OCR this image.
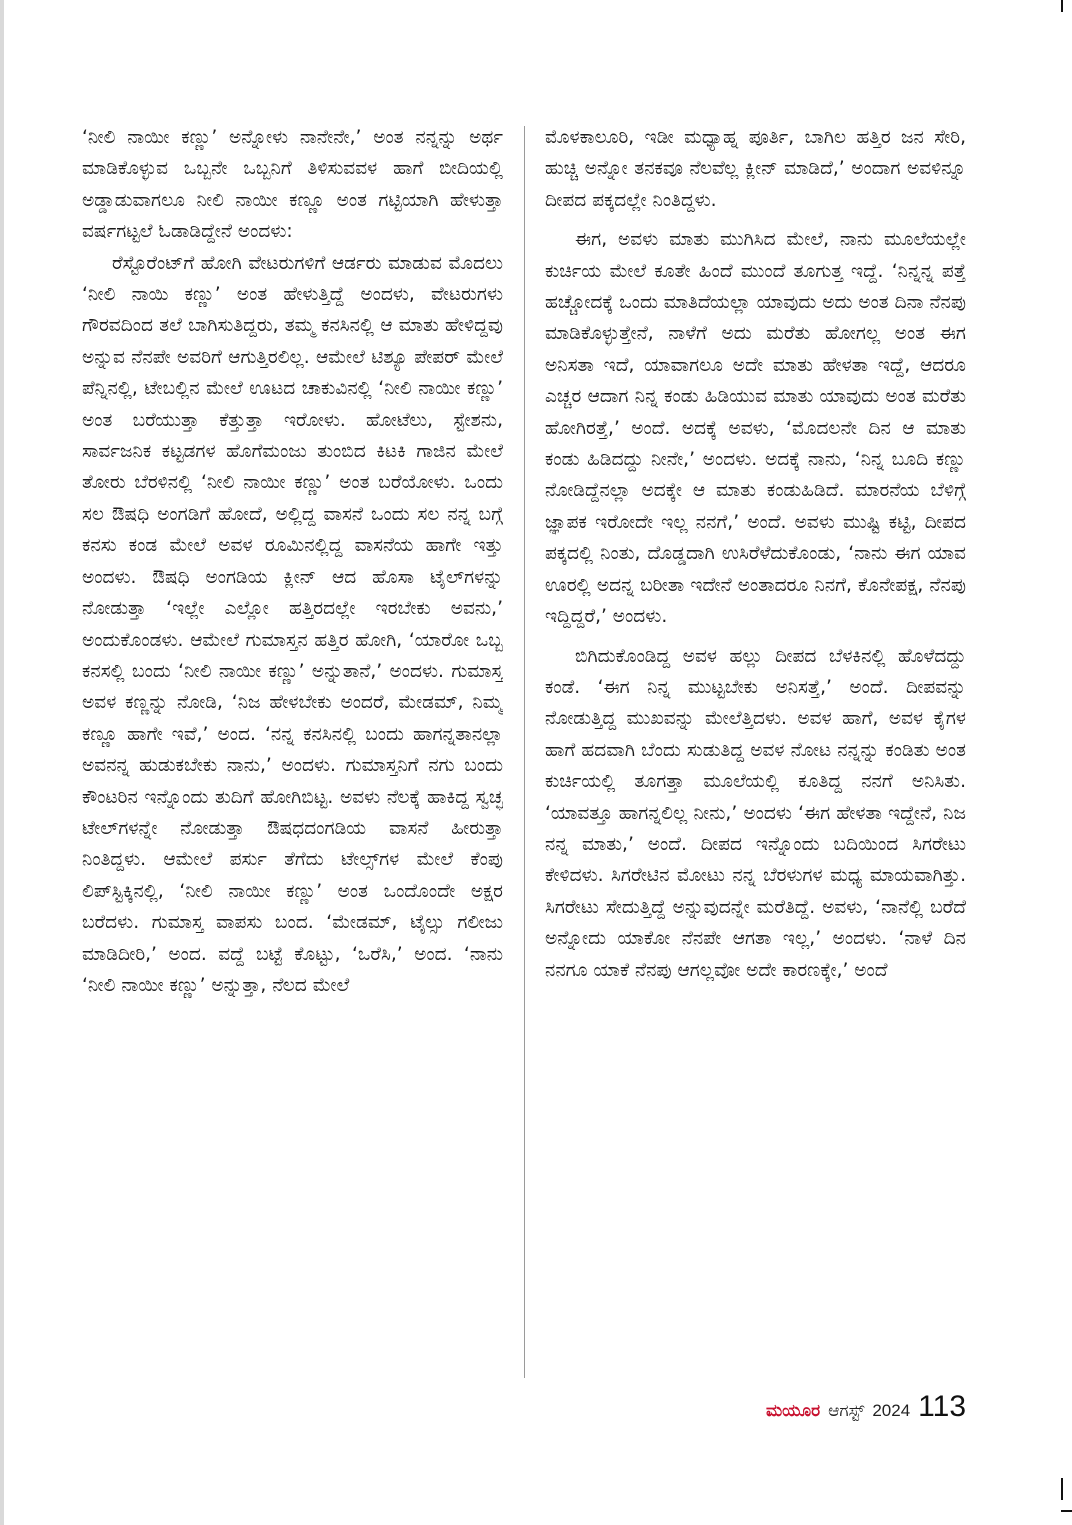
‘ನೀಲಿ ನಾಯೀ ಕಣ್ಣು’ ಅನ್ನೋಳು ನಾನೇನೇ,’ ಅಂತ ನನ್ನನ್ನು ಅರ್ಥ ಮಾಡಿಕೊಳ್ಳುವ ಒಬ್ಬನೇ ಒಬ್ಬನಿಗೆ ತಿಳಿಸುವವಳ ಹಾಗೆ ಬೀದಿಯಲ್ಲಿ ಅಡ್ಡಾಡುವಾಗಲೂ ನೀಲಿ ನಾಯೀ ಕಣ್ಣೂ ಅಂತ ಗಟ್ಟಿಯಾಗಿ ಹೇಳುತ್ತಾ ವರ್ಷಗಟ್ಟಲೆ ಓಡಾಡಿದ್ದೇನೆ ಅಂದಳು:

ರೆಸ್ಟೊರೆಂಟ್‌ಗೆ ಹೋಗಿ ವೇಟರುಗಳಿಗೆ ಆರ್ಡರು ಮಾಡುವ ಮೊದಲು ‘ನೀಲಿ ನಾಯಿ ಕಣ್ಣು’ ಅಂತ ಹೇಳುತ್ತಿದ್ದೆ ಅಂದಳು, ವೇಟರುಗಳು ಗೌರವದಿಂದ ತಲೆ ಬಾಗಿಸುತಿದ್ದರು, ತಮ್ಮ ಕನಸಿನಲ್ಲಿ ಆ ಮಾತು ಹೇಳಿದ್ದವು ಅನ್ನುವ ನೆನಪೇ ಅವರಿಗೆ ಆಗುತ್ತಿರಲಿಲ್ಲ. ಆಮೇಲೆ ಟಿಶ್ಯೂ ಪೇಪರ್ ಮೇಲೆ ಪೆನ್ನಿನಲ್ಲಿ, ಟೇಬಲ್ಲಿನ ಮೇಲೆ ಊಟದ ಚಾಕುವಿನಲ್ಲಿ ‘ನೀಲಿ ನಾಯೀ ಕಣ್ಣು’ ಅಂತ ಬರೆಯುತ್ತಾ ಕೆತ್ತುತ್ತಾ ಇರೋಳು. ಹೋಟೆಲು, ಸ್ಟೇಶನು, ಸಾರ್ವಜನಿಕ ಕಟ್ಟಡಗಳ ಹೊಗೆಮಂಜು ತುಂಬಿದ ಕಿಟಕಿ ಗಾಜಿನ ಮೇಲೆ ತೋರು ಬೆರಳಿನಲ್ಲಿ ‘ನೀಲಿ ನಾಯೀ ಕಣ್ಣು’ ಅಂತ ಬರೆಯೋಳು. ಒಂದು ಸಲ ಔಷಧಿ ಅಂಗಡಿಗೆ ಹೋದೆ, ಅಲ್ಲಿದ್ದ ವಾಸನೆ ಒಂದು ಸಲ ನನ್ನ ಬಗ್ಗೆ ಕನಸು ಕಂಡ ಮೇಲೆ ಅವಳ ರೂಮಿನಲ್ಲಿದ್ದ ವಾಸನೆಯ ಹಾಗೇ ಇತ್ತು ಅಂದಳು. ಔಷಧಿ ಅಂಗಡಿಯ ಕ್ಲೀನ್ ಆದ ಹೊಸಾ ಟೈಲ್‌ಗಳನ್ನು ನೋಡುತ್ತಾ ‘ಇಲ್ಲೇ ಎಲ್ಲೋ ಹತ್ತಿರದಲ್ಲೇ ಇರಬೇಕು ಅವನು,’ ಅಂದುಕೊಂಡಳು. ಆಮೇಲೆ ಗುಮಾಸ್ತನ ಹತ್ತಿರ ಹೋಗಿ, ‘ಯಾರೋ ಒಬ್ಬ ಕನಸಲ್ಲಿ ಬಂದು ‘ನೀಲಿ ನಾಯೀ ಕಣ್ಣು’ ಅನ್ನುತಾನೆ,’ ಅಂದಳು. ಗುಮಾಸ್ತ ಅವಳ ಕಣ್ಣನ್ನು ನೋಡಿ, ‘ನಿಜ ಹೇಳಬೇಕು ಅಂದರೆ, ಮೇಡಮ್, ನಿಮ್ಮ ಕಣ್ಣೂ ಹಾಗೇ ಇವೆ,’ ಅಂದ. ‘ನನ್ನ ಕನಸಿನಲ್ಲಿ ಬಂದು ಹಾಗನ್ನತಾನಲ್ಲಾ ಅವನನ್ನ ಹುಡುಕಬೇಕು ನಾನು,’ ಅಂದಳು. ಗುಮಾಸ್ತನಿಗೆ ನಗು ಬಂದು ಕೌಂಟರಿನ ಇನ್ನೊಂದು ತುದಿಗೆ ಹೋಗಿಬಿಟ್ಟ. ಅವಳು ನೆಲಕ್ಕೆ ಹಾಕಿದ್ದ ಸ್ವಚ್ಛ ಟೇಲ್‌ಗಳನ್ನೇ ನೋಡುತ್ತಾ ಔಷಧದಂಗಡಿಯ ವಾಸನೆ ಹೀರುತ್ತಾ ನಿಂತಿದ್ದಳು. ಆಮೇಲೆ ಪರ್ಸು ತೆಗೆದು ಟೇಲ್ಸ್‌ಗಳ ಮೇಲೆ ಕೆಂಪು ಲಿಪ್‌ಸ್ಟಿಕ್ಕಿನಲ್ಲಿ, ‘ನೀಲಿ ನಾಯೀ ಕಣ್ಣು’ ಅಂತ ಒಂದೊಂದೇ ಅಕ್ಷರ ಬರೆದಳು. ಗುಮಾಸ್ತ ವಾಪಸು ಬಂದ. ‘ಮೇಡಮ್, ಟೈಲ್ಸು ಗಲೀಜು ಮಾಡಿದೀರಿ,’ ಅಂದ. ವದ್ದೆ ಬಟ್ಟೆ ಕೊಟ್ಟು, ‘ಒರೆಸಿ,’ ಅಂದ. ‘ನಾನು ‘ನೀಲಿ ನಾಯೀ ಕಣ್ಣು’ ಅನ್ನುತ್ತಾ, ನೆಲದ ಮೇಲೆ

ಮೊಳಕಾಲೂರಿ, ಇಡೀ ಮಧ್ಯಾಹ್ನ ಪೂರ್ತಿ, ಬಾಗಿಲ ಹತ್ತಿರ ಜನ ಸೇರಿ, ಹುಚ್ಚಿ ಅನ್ನೋ ತನಕವೂ ನೆಲವೆಲ್ಲ ಕ್ಲೀನ್ ಮಾಡಿದೆ,’ ಅಂದಾಗ ಅವಳಿನ್ನೂ ದೀಪದ ಪಕ್ಕದಲ್ಲೇ ನಿಂತಿದ್ದಳು.

ಈಗ, ಅವಳು ಮಾತು ಮುಗಿಸಿದ ಮೇಲೆ, ನಾನು ಮೂಲೆಯಲ್ಲೇ ಕುರ್ಚಿಯ ಮೇಲೆ ಕೂತೇ ಹಿಂದೆ ಮುಂದೆ ತೂಗುತ್ತ ಇದ್ದೆ. ‘ನಿನ್ನನ್ನ ಪತ್ತೆ ಹಚ್ಚೋದಕ್ಕೆ ಒಂದು ಮಾತಿದೆಯಲ್ಲಾ ಯಾವುದು ಅದು ಅಂತ ದಿನಾ ನೆನಪು ಮಾಡಿಕೊಳ್ಳುತ್ತೇನೆ, ನಾಳೆಗೆ ಅದು ಮರೆತು ಹೋಗಲ್ಲ ಅಂತ ಈಗ ಅನಿಸತಾ ಇದೆ, ಯಾವಾಗಲೂ ಅದೇ ಮಾತು ಹೇಳತಾ ಇದ್ದೆ, ಆದರೂ ಎಚ್ಚರ ಆದಾಗ ನಿನ್ನ ಕಂಡು ಹಿಡಿಯುವ ಮಾತು ಯಾವುದು ಅಂತ ಮರೆತು ಹೋಗಿರತ್ತೆ,’ ಅಂದೆ. ಅದಕ್ಕೆ ಅವಳು, ‘ಮೊದಲನೇ ದಿನ ಆ ಮಾತು ಕಂಡು ಹಿಡಿದದ್ದು ನೀನೇ,’ ಅಂದಳು. ಅದಕ್ಕೆ ನಾನು, ‘ನಿನ್ನ ಬೂದಿ ಕಣ್ಣು ನೋಡಿದ್ದೆನಲ್ಲಾ ಅದಕ್ಕೇ ಆ ಮಾತು ಕಂಡುಹಿಡಿದೆ. ಮಾರನೆಯ ಬೆಳಿಗ್ಗೆ ಜ್ಞಾಪಕ ಇರೋದೇ ಇಲ್ಲ ನನಗೆ,’ ಅಂದೆ. ಅವಳು ಮುಷ್ಟಿ ಕಟ್ಟಿ, ದೀಪದ ಪಕ್ಕದಲ್ಲಿ ನಿಂತು, ದೊಡ್ಡದಾಗಿ ಉಸಿರೆಳೆದುಕೊಂಡು, ‘ನಾನು ಈಗ ಯಾವ ಊರಲ್ಲಿ ಅದನ್ನ ಬರೀತಾ ಇದೇನೆ ಅಂತಾದರೂ ನಿನಗೆ, ಕೊನೇಪಕ್ಷ, ನೆನಪು ಇದ್ದಿದ್ದರೆ,’ ಅಂದಳು.

ಬಿಗಿದುಕೊಂಡಿದ್ದ ಅವಳ ಹಲ್ಲು ದೀಪದ ಬೆಳಕಿನಲ್ಲಿ ಹೊಳೆದದ್ದು ಕಂಡೆ. ‘ಈಗ ನಿನ್ನ ಮುಟ್ಟಬೇಕು ಅನಿಸತ್ತೆ,’ ಅಂದೆ. ದೀಪವನ್ನು ನೋಡುತ್ತಿದ್ದ ಮುಖವನ್ನು ಮೇಲೆತ್ತಿದಳು. ಅವಳ ಹಾಗೆ, ಅವಳ ಕೈಗಳ ಹಾಗೆ ಹದವಾಗಿ ಬೆಂದು ಸುಡುತಿದ್ದ ಅವಳ ನೋಟ ನನ್ನನ್ನು ಕಂಡಿತು ಅಂತ ಕುರ್ಚಿಯಲ್ಲಿ ತೂಗತ್ತಾ ಮೂಲೆಯಲ್ಲಿ ಕೂತಿದ್ದ ನನಗೆ ಅನಿಸಿತು. ‘ಯಾವತ್ತೂ ಹಾಗನ್ನಲಿಲ್ಲ ನೀನು,’ ಅಂದಳು ‘ಈಗ ಹೇಳತಾ ಇದ್ದೇನೆ, ನಿಜ ನನ್ನ ಮಾತು,’ ಅಂದೆ. ದೀಪದ ಇನ್ನೊಂದು ಬದಿಯಿಂದ ಸಿಗರೇಟು ಕೇಳಿದಳು. ಸಿಗರೇಟಿನ ಮೋಟು ನನ್ನ ಬೆರಳುಗಳ ಮಧ್ಯ ಮಾಯವಾಗಿತ್ತು. ಸಿಗರೇಟು ಸೇದುತ್ತಿದ್ದೆ ಅನ್ನುವುದನ್ನೇ ಮರೆತಿದ್ದೆ. ಅವಳು, ‘ನಾನೆಲ್ಲಿ ಬರೆದೆ ಅನ್ನೋದು ಯಾಕೋ ನೆನಪೇ ಆಗತಾ ಇಲ್ಲ,’ ಅಂದಳು. ‘ನಾಳೆ ದಿನ ನನಗೂ ಯಾಕೆ ನೆನಪು ಆಗಲ್ಲವೋ ಅದೇ ಕಾರಣಕ್ಕೇ,’ ಅಂದೆ

ಮಯೂರ ಆಗಸ್ಟ್ 2024 113
